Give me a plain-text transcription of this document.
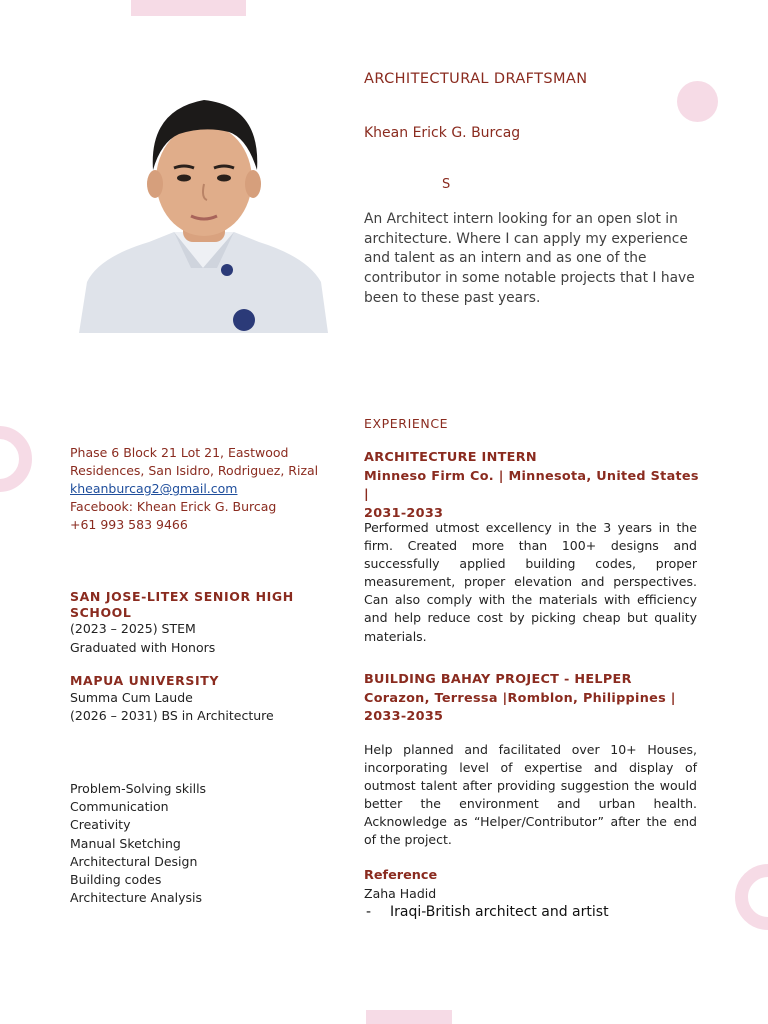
ARCHITECTURAL DRAFTSMAN
Khean Erick G. Burcag
S
An Architect intern looking for an open slot in architecture. Where I can apply my experience and talent as an intern and as one of the contributor in some notable projects that I have been to these past years.
Phase 6 Block 21 Lot 21, Eastwood Residences, San Isidro, Rodriguez, Rizal
kheanburcag2@gmail.com
Facebook: Khean Erick G. Burcag
+61 993 583 9466
SAN JOSE-LITEX SENIOR HIGH SCHOOL
(2023 – 2025) STEM
Graduated with Honors
MAPUA UNIVERSITY
Summa Cum Laude
(2026 – 2031) BS in Architecture
Problem-Solving skills
Communication
Creativity
Manual Sketching
Architectural Design
Building codes
Architecture Analysis
EXPERIENCE
ARCHITECTURE INTERN
Minneso Firm Co. | Minnesota, United States |
2031-2033
Performed utmost excellency in the 3 years in the firm. Created more than 100+ designs and successfully applied building codes, proper measurement, proper elevation and perspectives. Can also comply with the materials with efficiency and help reduce cost by picking cheap but quality materials.
BUILDING BAHAY PROJECT - HELPER
Corazon, Terressa |Romblon, Philippines |
2033-2035
Help planned and facilitated over 10+ Houses, incorporating level of expertise and display of outmost talent after providing suggestion the would better the environment and urban health. Acknowledge as “Helper/Contributor” after the end of the project.
Reference
Zaha Hadid
- Iraqi-British architect and artist
